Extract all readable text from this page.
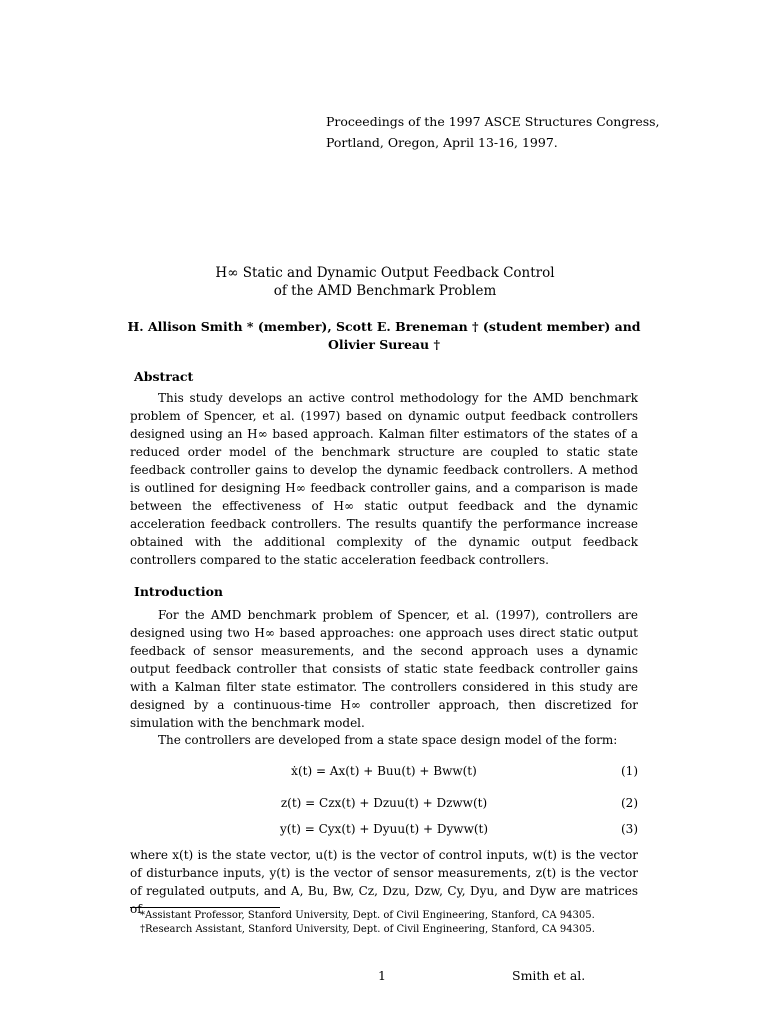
Proceedings of the 1997 ASCE Structures Congress,
Portland, Oregon, April 13-16, 1997.
H∞ Static and Dynamic Output Feedback Control
of the AMD Benchmark Problem
H. Allison Smith * (member), Scott E. Breneman † (student member) and
Olivier Sureau †
Abstract
This study develops an active control methodology for the AMD benchmark problem of Spencer, et al. (1997) based on dynamic output feedback controllers designed using an H∞ based approach. Kalman filter estimators of the states of a reduced order model of the benchmark structure are coupled to static state feedback controller gains to develop the dynamic feedback controllers. A method is outlined for designing H∞ feedback controller gains, and a comparison is made between the effectiveness of H∞ static output feedback and the dynamic acceleration feedback controllers. The results quantify the performance increase obtained with the additional complexity of the dynamic output feedback controllers compared to the static acceleration feedback controllers.
Introduction
For the AMD benchmark problem of Spencer, et al. (1997), controllers are designed using two H∞ based approaches: one approach uses direct static output feedback of sensor measurements, and the second approach uses a dynamic output feedback controller that consists of static state feedback controller gains with a Kalman filter state estimator. The controllers considered in this study are designed by a continuous-time H∞ controller approach, then discretized for simulation with the benchmark model.
The controllers are developed from a state space design model of the form:
ẋ(t) = Ax(t) + Buu(t) + Bww(t)	(1)
z(t) = Czx(t) + Dzuu(t) + Dzww(t)	(2)
y(t) = Cyx(t) + Dyuu(t) + Dyww(t)	(3)
where x(t) is the state vector, u(t) is the vector of control inputs, w(t) is the vector of disturbance inputs, y(t) is the vector of sensor measurements, z(t) is the vector of regulated outputs, and A, Bu, Bw, Cz, Dzu, Dzw, Cy, Dyu, and Dyw are matrices of
*Assistant Professor, Stanford University, Dept. of Civil Engineering, Stanford, CA 94305.
†Research Assistant, Stanford University, Dept. of Civil Engineering, Stanford, CA 94305.
1	Smith et al.
